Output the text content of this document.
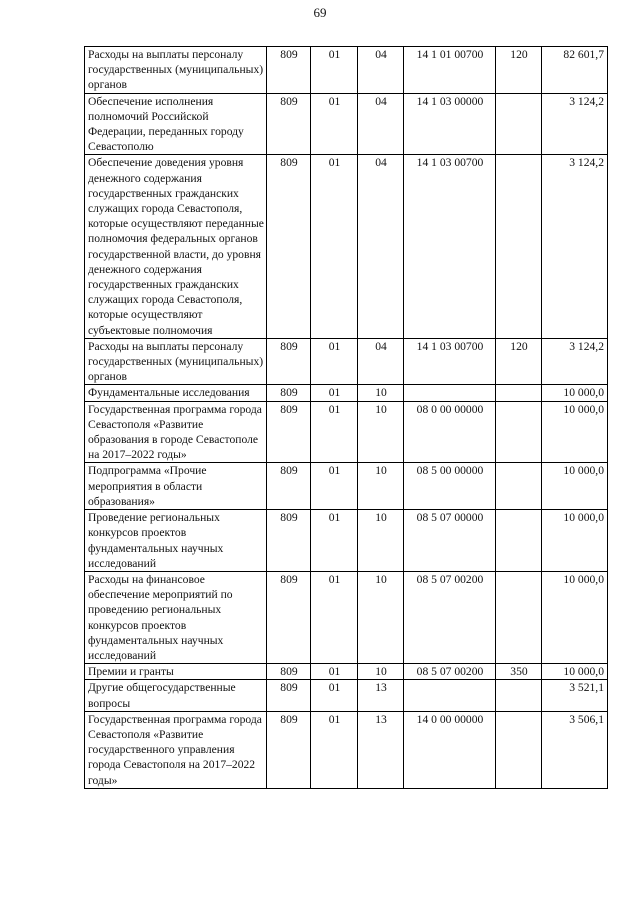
69
Расходы на выплаты персоналу государственных (муниципальных) органов	809	01	04	14 1 01 00700	120	82 601,7
Обеспечение исполнения полномочий Российской Федерации, переданных городу Севастополю	809	01	04	14 1 03 00000		3 124,2
Обеспечение доведения уровня денежного содержания государственных гражданских служащих города Севастополя, которые осуществляют переданные полномочия федеральных органов государственной власти, до уровня денежного содержания государственных гражданских служащих города Севастополя, которые осуществляют субъектовые полномочия	809	01	04	14 1 03 00700		3 124,2
Расходы на выплаты персоналу государственных (муниципальных) органов	809	01	04	14 1 03 00700	120	3 124,2
Фундаментальные исследования	809	01	10			10 000,0
Государственная программа города Севастополя «Развитие образования в городе Севастополе на 2017–2022 годы»	809	01	10	08 0 00 00000		10 000,0
Подпрограмма «Прочие мероприятия в области образования»	809	01	10	08 5 00 00000		10 000,0
Проведение региональных конкурсов проектов фундаментальных научных исследований	809	01	10	08 5 07 00000		10 000,0
Расходы на финансовое обеспечение мероприятий по проведению региональных конкурсов проектов фундаментальных научных исследований	809	01	10	08 5 07 00200		10 000,0
Премии и гранты	809	01	10	08 5 07 00200	350	10 000,0
Другие общегосударственные вопросы	809	01	13			3 521,1
Государственная программа города Севастополя «Развитие государственного управления города Севастополя на 2017–2022 годы»	809	01	13	14 0 00 00000		3 506,1
